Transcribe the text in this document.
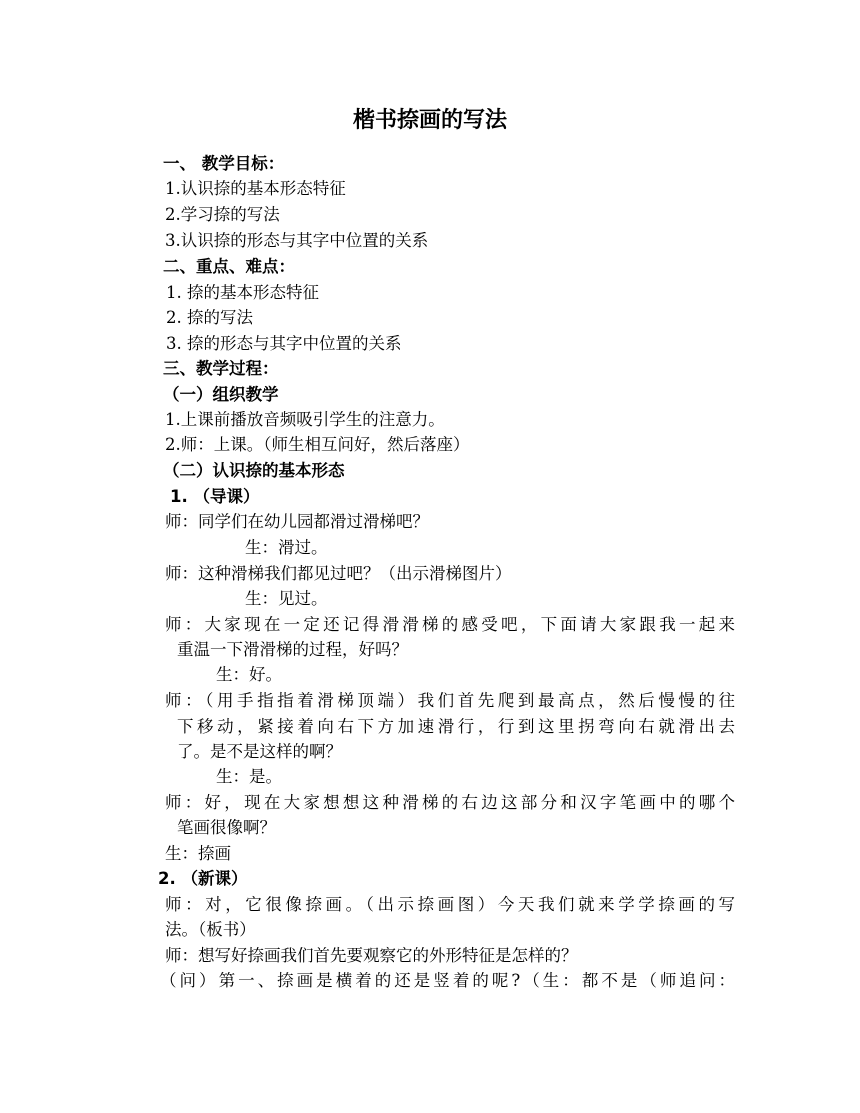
楷书捺画的写法
一、 教学目标：
1.认识捺的基本形态特征
2.学习捺的写法
3.认识捺的形态与其字中位置的关系
二、重点、难点：
1. 捺的基本形态特征
2. 捺的写法
3. 捺的形态与其字中位置的关系
三、教学过程：
（一）组织教学
1.上课前播放音频吸引学生的注意力。
2.师：上课。（师生相互问好，然后落座）
（二）认识捺的基本形态
1. （导课）
师：同学们在幼儿园都滑过滑梯吧？
生：滑过。
师：这种滑梯我们都见过吧？（出示滑梯图片）
生：见过。
师：大家现在一定还记得滑滑梯的感受吧，下面请大家跟我一起来
重温一下滑滑梯的过程，好吗？
生：好。
师：（用手指指着滑梯顶端）我们首先爬到最高点，然后慢慢的往
下移动，紧接着向右下方加速滑行，行到这里拐弯向右就滑出去
了。是不是这样的啊？
生：是。
师：好，现在大家想想这种滑梯的右边这部分和汉字笔画中的哪个
笔画很像啊？
生：捺画
2. （新课）
师：对，它很像捺画。（出示捺画图）今天我们就来学学捺画的写
法。（板书）
师：想写好捺画我们首先要观察它的外形特征是怎样的？
（问）第一、捺画是横着的还是竖着的呢?（生：都不是（师追问：
